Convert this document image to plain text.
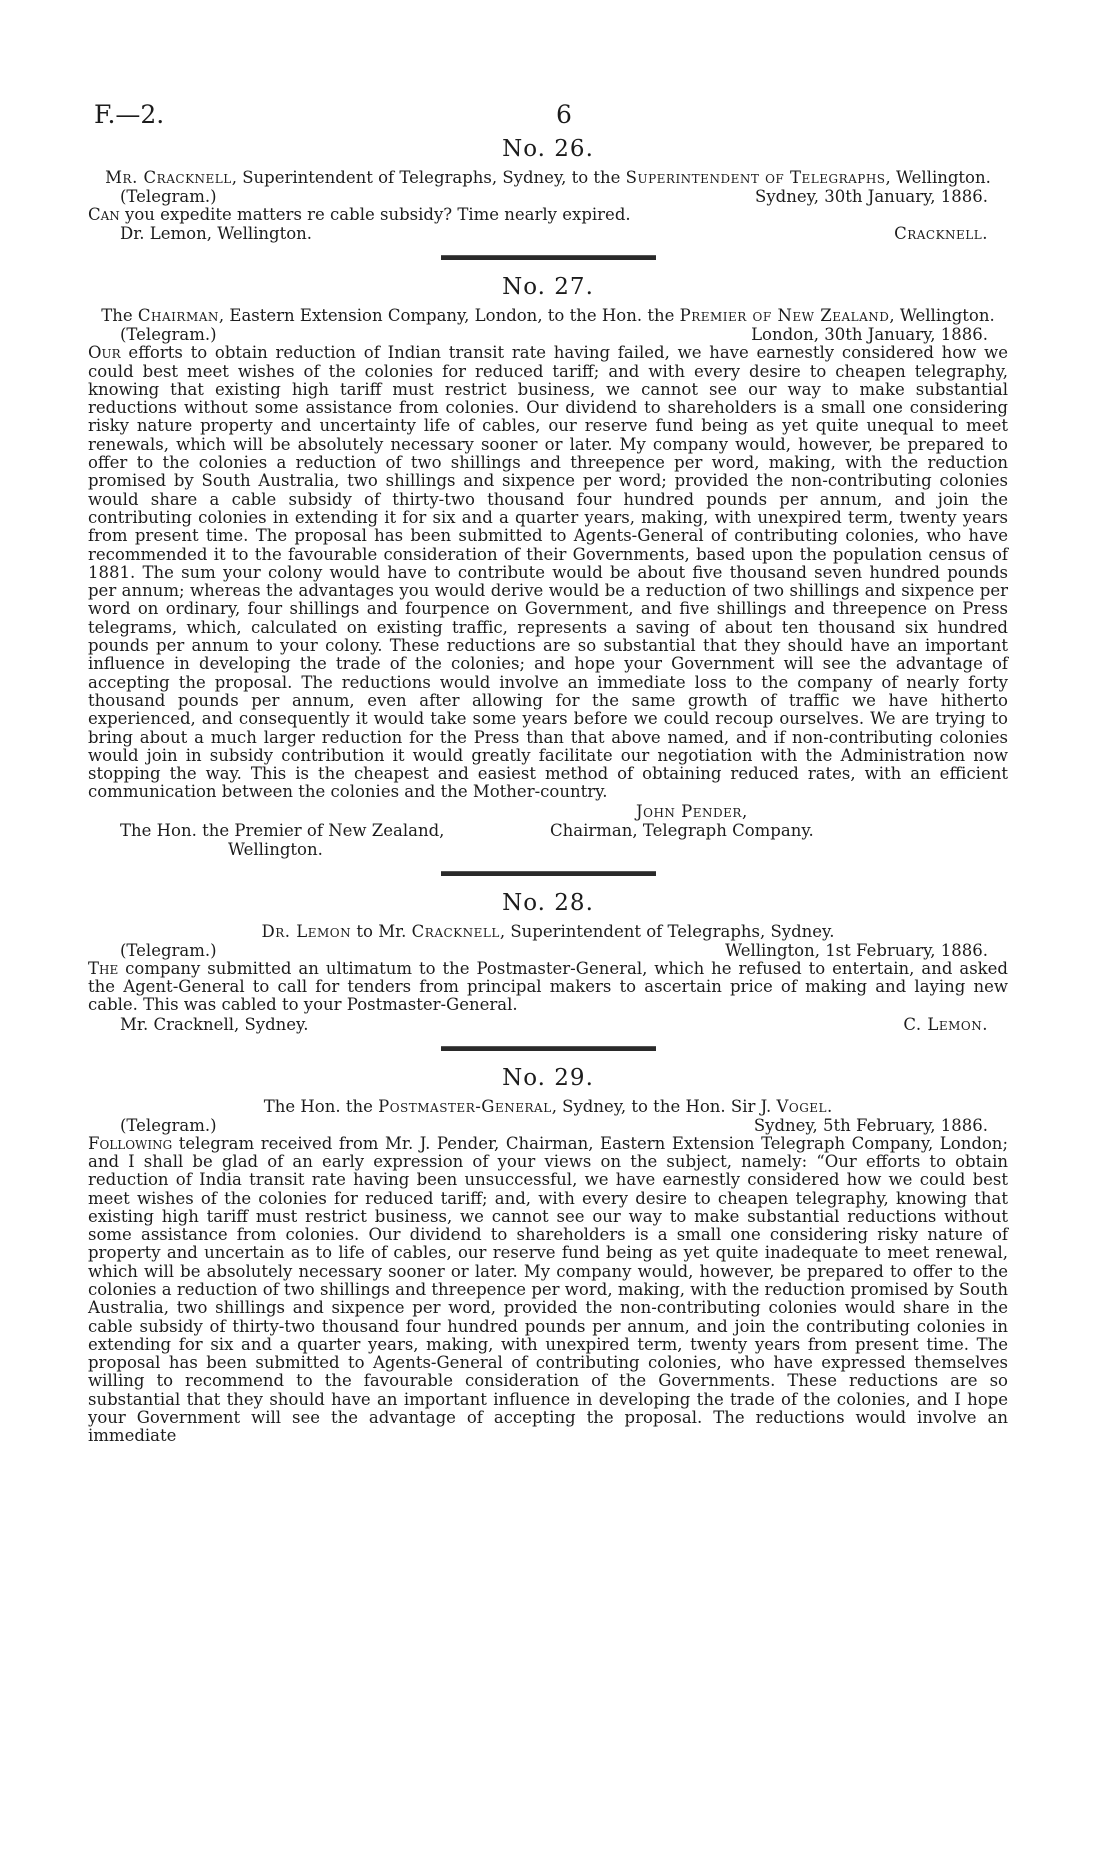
F.—2.	6
No. 26.
Mr. Cracknell, Superintendent of Telegraphs, Sydney, to the Superintendent of Telegraphs, Wellington.
(Telegram.)	Sydney, 30th January, 1886.
Can you expedite matters re cable subsidy? Time nearly expired.
Dr. Lemon, Wellington.	Cracknell.
No. 27.
The Chairman, Eastern Extension Company, London, to the Hon. the Premier of New Zealand, Wellington.
(Telegram.)	London, 30th January, 1886.
Our efforts to obtain reduction of Indian transit rate having failed, we have earnestly considered how we could best meet wishes of the colonies for reduced tariff; and with every desire to cheapen telegraphy, knowing that existing high tariff must restrict business, we cannot see our way to make substantial reductions without some assistance from colonies. Our dividend to shareholders is a small one considering risky nature property and uncertainty life of cables, our reserve fund being as yet quite unequal to meet renewals, which will be absolutely necessary sooner or later. My company would, however, be prepared to offer to the colonies a reduction of two shillings and threepence per word, making, with the reduction promised by South Australia, two shillings and sixpence per word; provided the non-contributing colonies would share a cable subsidy of thirty-two thousand four hundred pounds per annum, and join the contributing colonies in extending it for six and a quarter years, making, with unexpired term, twenty years from present time. The proposal has been submitted to Agents-General of contributing colonies, who have recommended it to the favourable consideration of their Governments, based upon the population census of 1881. The sum your colony would have to contribute would be about five thousand seven hundred pounds per annum; whereas the advantages you would derive would be a reduction of two shillings and sixpence per word on ordinary, four shillings and fourpence on Government, and five shillings and threepence on Press telegrams, which, calculated on existing traffic, represents a saving of about ten thousand six hundred pounds per annum to your colony. These reductions are so substantial that they should have an important influence in developing the trade of the colonies; and hope your Government will see the advantage of accepting the proposal. The reductions would involve an immediate loss to the company of nearly forty thousand pounds per annum, even after allowing for the same growth of traffic we have hitherto experienced, and consequently it would take some years before we could recoup ourselves. We are trying to bring about a much larger reduction for the Press than that above named, and if non-contributing colonies would join in subsidy contribution it would greatly facilitate our negotiation with the Administration now stopping the way. This is the cheapest and easiest method of obtaining reduced rates, with an efficient communication between the colonies and the Mother-country.
John Pender,
Chairman, Telegraph Company.
The Hon. the Premier of New Zealand,
Wellington.
No. 28.
Dr. Lemon to Mr. Cracknell, Superintendent of Telegraphs, Sydney.
(Telegram.)	Wellington, 1st February, 1886.
The company submitted an ultimatum to the Postmaster-General, which he refused to entertain, and asked the Agent-General to call for tenders from principal makers to ascertain price of making and laying new cable. This was cabled to your Postmaster-General.
Mr. Cracknell, Sydney.	C. Lemon.
No. 29.
The Hon. the Postmaster-General, Sydney, to the Hon. Sir J. Vogel.
(Telegram.)	Sydney, 5th February, 1886.
Following telegram received from Mr. J. Pender, Chairman, Eastern Extension Telegraph Company, London; and I shall be glad of an early expression of your views on the subject, namely: “Our efforts to obtain reduction of India transit rate having been unsuccessful, we have earnestly considered how we could best meet wishes of the colonies for reduced tariff; and, with every desire to cheapen telegraphy, knowing that existing high tariff must restrict business, we cannot see our way to make substantial reductions without some assistance from colonies. Our dividend to shareholders is a small one considering risky nature of property and uncertain as to life of cables, our reserve fund being as yet quite inadequate to meet renewal, which will be absolutely necessary sooner or later. My company would, however, be prepared to offer to the colonies a reduction of two shillings and threepence per word, making, with the reduction promised by South Australia, two shillings and sixpence per word, provided the non-contributing colonies would share in the cable subsidy of thirty-two thousand four hundred pounds per annum, and join the contributing colonies in extending for six and a quarter years, making, with unexpired term, twenty years from present time. The proposal has been submitted to Agents-General of contributing colonies, who have expressed themselves willing to recommend to the favourable consideration of the Governments. These reductions are so substantial that they should have an important influence in developing the trade of the colonies, and I hope your Government will see the advantage of accepting the proposal. The reductions would involve an immediate
